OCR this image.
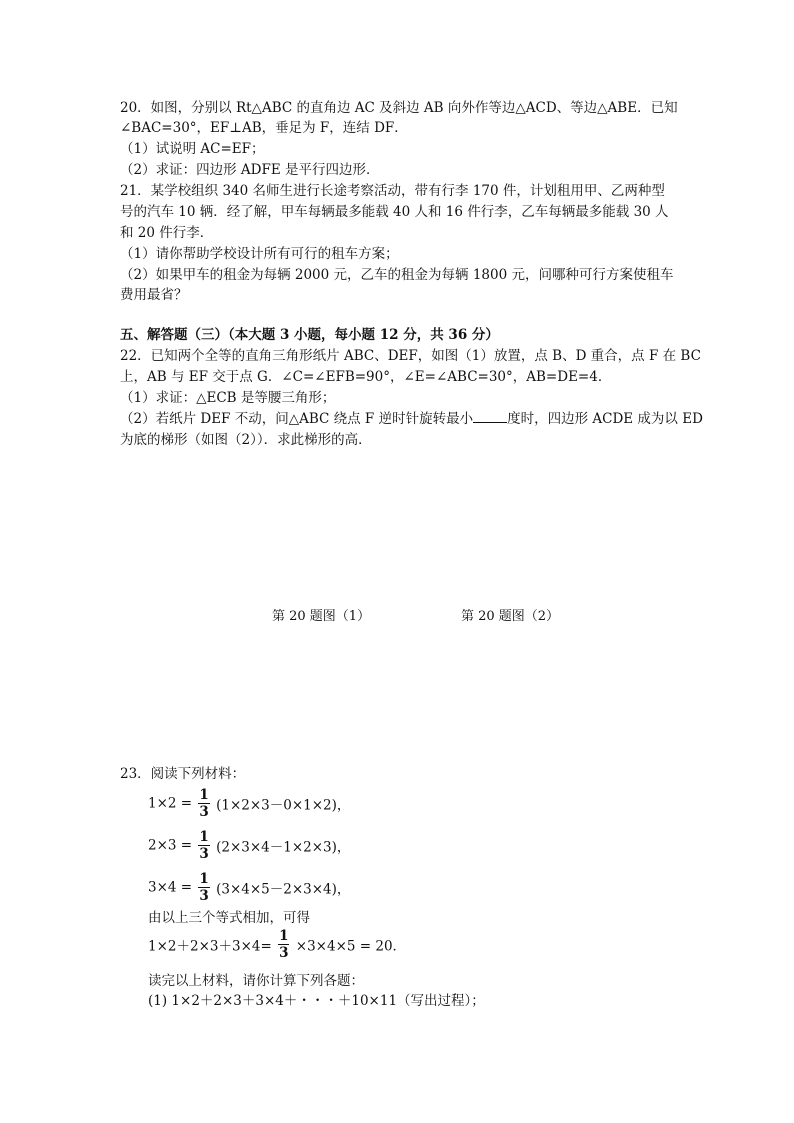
20．如图，分别以 Rt△ABC 的直角边 AC 及斜边 AB 向外作等边△ACD、等边△ABE．已知
∠BAC=30°，EF⊥AB，垂足为 F，连结 DF．
（1）试说明 AC=EF；
（2）求证：四边形 ADFE 是平行四边形．
21．某学校组织 340 名师生进行长途考察活动，带有行李 170 件，计划租用甲、乙两种型
号的汽车 10 辆．经了解，甲车每辆最多能载 40 人和 16 件行李，乙车每辆最多能载 30 人
和 20 件行李．
（1）请你帮助学校设计所有可行的租车方案；
（2）如果甲车的租金为每辆 2000 元，乙车的租金为每辆 1800 元，问哪种可行方案使租车
费用最省？
五、解答题（三）（本大题 3 小题，每小题 12 分，共 36 分）
22．已知两个全等的直角三角形纸片 ABC、DEF，如图（1）放置，点 B、D 重合，点 F 在 BC
上，AB 与 EF 交于点 G．∠C=∠EFB=90°，∠E=∠ABC=30°，AB=DE=4．
（1）求证：△ECB 是等腰三角形；
（2）若纸片 DEF 不动，问△ABC 绕点 F 逆时针旋转最小	度时，四边形 ACDE 成为以 ED
为底的梯形（如图（2））．求此梯形的高．
第 20 题图（1）	第 20 题图（2）
23．阅读下列材料：
$1\times 2 = \frac{1}{3} (1\times 2\times 3-0\times 1\times 2)$，
$2\times 3 = \frac{1}{3} (2\times 3\times 4-1\times 2\times 3)$，
$3\times 4 = \frac{1}{3} (3\times 4\times 5-2\times 3\times 4)$，
由以上三个等式相加，可得
$1\times 2+2\times 3+3\times 4= \frac{1}{3} \times 3\times 4\times 5 = 20$．
读完以上材料，请你计算下列各题：
(1) 1×2＋2×3＋3×4＋・・・＋10×11（写出过程）；
